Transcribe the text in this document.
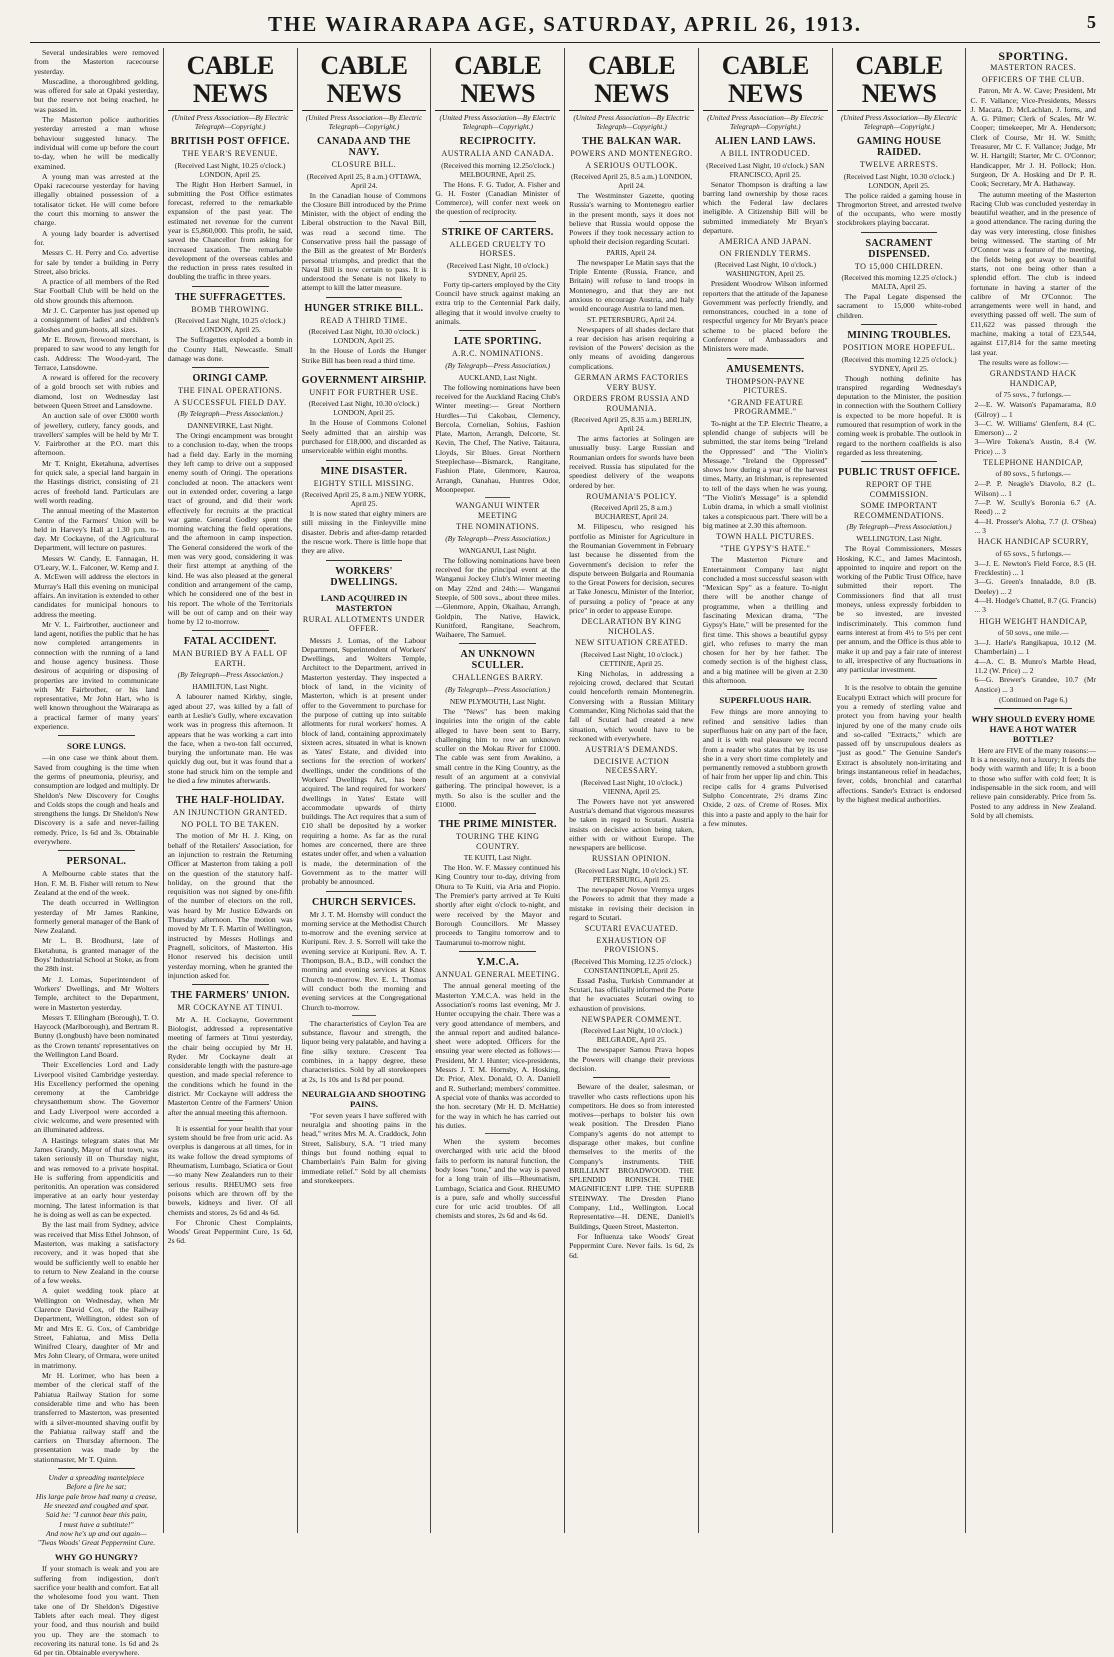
THE WAIRARAPA AGE, SATURDAY, APRIL 26, 1913.	5

Several undesirables were removed from the Masterton racecourse yesterday.

Muscadine, a thoroughbred gelding, was offered for sale at Opaki yesterday, but the reserve not being reached, he was passed in.

The Masterton police authorities yesterday arrested a man whose behaviour suggested lunacy. The individual will come up before the court to-day, when he will be medically examined.

A young man was arrested at the Opaki racecourse yesterday for having illegally obtained possession of a totalisator ticket. He will come before the court this morning to answer the charge.

A young lady boarder is advertised for.

Messrs C. H. Perry and Co. advertise for sale by tender a building in Perry Street, also bricks.

A practice of all members of the Red Star Football Club will be held on the old show grounds this afternoon.

Mr J. C. Carpenter has just opened up a consignment of ladies' and children's galoshes and gum-boots, all sizes.

Mr E. Brown, firewood merchant, is prepared to saw wood to any length for cash. Address: The Wood-yard, The Terrace, Lansdowne.

A reward is offered for the recovery of a gold brooch set with rubies and diamond, lost on Wednesday last between Queen Street and Lansdowne.

An auction sale of over £3000 worth of jewellery, cutlery, fancy goods, and travellers' samples will be held by Mr T. V. Fairbrother at the P.O. mart this afternoon.

Mr T. Knight, Eketahuna, advertises for quick sale, a special land bargain in the Hastings district, consisting of 21 acres of freehold land. Particulars are well worth reading.

The annual meeting of the Masterton Centre of the Farmers' Union will be held in Harvey's Hall at 1.30 p.m. to-day. Mr Cockayne, of the Agricultural Department, will lecture on pastures.

Messrs W. Candy, E. Fannagan, H. O'Leary, W. L. Falconer, W. Kemp and J. A. McEwen will address the electors in Murray's Hall this evening on municipal affairs. An invitation is extended to other candidates for municipal honours to address the meeting.

Mr V. L. Fairbrother, auctioneer and land agent, notifies the public that he has now completed arrangements in connection with the running of a land and house agency business. Those desirous of acquiring or disposing of properties are invited to communicate with Mr Fairbrother, or his land representative, Mr John Hart, who is well known throughout the Wairarapa as a practical farmer of many years' experience.

SORE LUNGS.

—in one case we think about them. Saved from coughing is the time when the germs of pneumonia, pleurisy, and consumption are lodged and multiply. Dr Sheldon's New Discovery for Coughs and Colds stops the cough and heals and strengthens the lungs. Dr Sheldon's New Discovery is a safe and never-failing remedy. Price, 1s 6d and 3s. Obtainable everywhere.

PERSONAL.

A Melbourne cable states that the Hon. F. M. B. Fisher will return to New Zealand at the end of the week.

The death occurred in Wellington yesterday of Mr James Rankine, formerly general manager of the Bank of New Zealand.

Mr L. B. Brodhurst, late of Eketahuna, is granted manager of the Boys' Industrial School at Stoke, as from the 28th inst.

Mr J. Lomas, Superintendent of Workers' Dwellings, and Mr Wolters Temple, architect to the Department, were in Masterton yesterday.

Messrs T. Ellingham (Borough), T. O. Haycock (Marlborough), and Bertram R. Bunny (Longbush) have been nominated as the Crown tenants' representatives on the Wellington Land Board.

Their Excellencies Lord and Lady Liverpool visited Cambridge yesterday. His Excellency performed the opening ceremony at the Cambridge chrysanthemum show. The Governor and Lady Liverpool were accorded a civic welcome, and were presented with an illuminated address.

A Hastings telegram states that Mr James Grandy, Mayor of that town, was taken seriously ill on Thursday night, and was removed to a private hospital. He is suffering from appendicitis and peritonitis. An operation was considered imperative at an early hour yesterday morning. The latest information is that he is doing as well as can be expected.

By the last mail from Sydney, advice was received that Miss Ethel Johnson, of Masterton, was making a satisfactory recovery, and it was hoped that she would be sufficiently well to enable her to return to New Zealand in the course of a few weeks.

A quiet wedding took place at Wellington on Wednesday, when Mr Clarence David Cox, of the Railway Department, Wellington, eldest son of Mr and Mrs E. G. Cox, of Cambridge Street, Fahiatua, and Miss Della Winifred Cleary, daughter of Mr and Mrs John Cleary, of Ormara, were united in matrimony.

Mr H. Lorimer, who has been a member of the clerical staff of the Pahiatua Railway Station for some considerable time and who has been transferred to Masterton, was presented with a silver-mounted shaving outfit by the Pahiatua railway staff and the carriers on Thursday afternoon. The presentation was made by the stationmaster, Mr T. Quinn.

Under a spreading mantelpiece
Before a fire he sat;
His large pale brow had many a crease,
He sneezed and coughed and spat.
Said he: "I cannot bear this pain,
I must have a subtitute!"
And now he's up and out again—
"Twas Woods' Great Peppermint Cure.
WHY GO HUNGRY?

If your stomach is weak and you are suffering from indigestion, don't sacrifice your health and comfort. Eat all the wholesome food you want. Then take one of Dr Sheldon's Digestive Tablets after each meal. They digest your food, and thus nourish and build you up. They are the stomach to recovering its natural tone. 1s 6d and 2s 6d per tin. Obtainable everywhere.

CABLE NEWS
(United Press Association—By Electric Telegraph—Copyright.)
BRITISH POST OFFICE.
THE YEAR'S REVENUE.
(Received Last Night, 10.25 o'clock.) LONDON, April 25.

The Right Hon Herbert Samuel, in submitting the Post Office estimates forecast, referred to the remarkable expansion of the past year. The estimated net revenue for the current year is £5,860,000. This profit, he said, saved the Chancellor from asking for increased taxation. The remarkable development of the overseas cables and the reduction in press rates resulted in doubling the traffic in three years.

THE SUFFRAGETTES.
BOMB THROWING.
(Received Last Night, 10.25 o'clock.) LONDON, April 25.

The Suffragettes exploded a bomb in the County Hall, Newcastle. Small damage was done.

ORINGI CAMP.
THE FINAL OPERATIONS.
A SUCCESSFUL FIELD DAY.
(By Telegraph—Press Association.)
DANNEVIRKE, Last Night.

The Oringi encampment was brought to a conclusion to-day, when the troops had a field day. Early in the morning they left camp to drive out a supposed enemy south of Oringi. The operations concluded at noon. The attackers went out in extended order, covering a large tract of ground, and did their work effectively for recruits at the practical war game. General Godley spent the morning watching the field operations, and the afternoon in camp inspection. The General considered the work of the men was very good, considering it was their first attempt at anything of the kind. He was also pleased at the general condition and arrangement of the camp, which he considered one of the best in his report. The whole of the Territorials will be out of camp and on their way home by 12 to-morrow.

FATAL ACCIDENT.
MAN BURIED BY A FALL OF EARTH.
(By Telegraph—Press Association.)
HAMILTON, Last Night.

A labourer named Kirkby, single, aged about 27, was killed by a fall of earth at Leslie's Gully, where excavation work was in progress this afternoon. It appears that he was working a cart into the face, when a two-ton fall occurred, burying the unfortunate man. He was quickly dug out, but it was found that a stone had struck him on the temple and he died a few minutes afterwards.

THE HALF-HOLIDAY.
AN INJUNCTION GRANTED.
NO POLL TO BE TAKEN.

The motion of Mr H. J. King, on behalf of the Retailers' Association, for an injunction to restrain the Returning Officer at Masterton from taking a poll on the question of the statutory half-holiday, on the ground that the requisition was not signed by one-fifth of the number of electors on the roll, was heard by Mr Justice Edwards on Thursday afternoon. The motion was moved by Mr T. F. Martin of Wellington, instructed by Messrs Hollings and Pragnell, solicitors, of Masterton. His Honor reserved his decision until yesterday morning, when he granted the injunction asked for.

THE FARMERS' UNION.
MR COCKAYNE AT TINUI.

Mr A. H. Cockayne, Government Biologist, addressed a representative meeting of farmers at Tinui yesterday, the chair being occupied by Mr H. Ryder. Mr Cockayne dealt at considerable length with the pasture-age question, and made special reference to the conditions which he found in the district. Mr Cockayne will address the Masterton Centre of the Farmers' Union after the annual meeting this afternoon.

It is essential for your health that your system should be free from uric acid. As overplus is dangerous at all times, for in its wake follow the dread symptoms of Rheumatism, Lumbago, Sciatica or Gout—so many New Zealanders run to their serious results. RHEUMO sets free poisons which are thrown off by the bowels, kidneys and liver. Of all chemists and stores, 2s 6d and 4s 6d.

For Chronic Chest Complaints, Woods' Great Peppermint Cure, 1s 6d, 2s 6d.

CABLE NEWS
(United Press Association—By Electric Telegraph—Copyright.)
CANADA AND THE NAVY.
CLOSURE BILL.
(Received April 25, 8 a.m.) OTTAWA, April 24.

In the Canadian house of Commons the Closure Bill introduced by the Prime Minister, with the object of ending the Liberal obstruction to the Naval Bill, was read a second time. The Conservative press hail the passage of the Bill as the greatest of Mr Borden's personal triumphs, and predict that the Naval Bill is now certain to pass. It is understood the Senate is not likely to attempt to kill the latter measure.

HUNGER STRIKE BILL.
READ A THIRD TIME.
(Received Last Night, 10.30 o'clock.) LONDON, April 25.

In the House of Lords the Hunger Strike Bill has been read a third time.

GOVERNMENT AIRSHIP.
UNFIT FOR FURTHER USE.
(Received Last Night, 10.30 o'clock.) LONDON, April 25.

In the House of Commons Colonel Seely admitted that an airship was purchased for £18,000, and discarded as unserviceable within eight months.

MINE DISASTER.
EIGHTY STILL MISSING.
(Received April 25, 8 a.m.) NEW YORK, April 25.

It is now stated that eighty miners are still missing in the Finleyville mine disaster. Debris and after-damp retarded the rescue work. There is little hope that they are alive.

WORKERS' DWELLINGS.
LAND ACQUIRED IN MASTERTON
RURAL ALLOTMENTS UNDER OFFER.

Messrs J. Lomas, of the Labour Department, Superintendent of Workers' Dwellings, and Wolters Temple, Architect to the Department, arrived in Masterton yesterday. They inspected a block of land, in the vicinity of Masterton, which is at present under offer to the Government to purchase for the purpose of cutting up into suitable allotments for rural workers' homes. A block of land, containing approximately sixteen acres, situated in what is known as Yates' Estate, and divided into sections for the erection of workers' dwellings, under the conditions of the Workers' Dwellings Act, has been acquired. The land required for workers' dwellings in Yates' Estate will accommodate upwards of thirty buildings. The Act requires that a sum of £10 shall be deposited by a worker requiring a home. As far as the rural homes are concerned, there are three estates under offer, and when a valuation is made, the determination of the Government as to the matter will probably be announced.

CHURCH SERVICES.

Mr J. T. M. Hornsby will conduct the morning service at the Methodist Church to-morrow and the evening service at Kuripuni. Rev. J. S. Sorrell will take the evening service at Kuripuni. Rev. A. T. Thompson, B.A., B.D., will conduct the morning and evening services at Knox Church to-morrow. Rev. E. L. Thomas will conduct both the morning and evening services at the Congregational Church to-morrow.

The characteristics of Ceylon Tea are substance, flavour and strength, the liquor being very palatable, and having a fine silky texture. Crescent Tea combines, in a happy degree, these characteristics. Sold by all storekeepers at 2s, 1s 10s and 1s 8d per pound.

NEURALGIA AND SHOOTING PAINS.

"For seven years I have suffered with neuralgia and shooting pains in the head," writes Mrs M. A. Craddock, John Street, Salisbury, S.A. "I tried many things but found nothing equal to Chamberlain's Pain Balm for giving immediate relief." Sold by all chemists and storekeepers.

CABLE NEWS
(United Press Association—By Electric Telegraph—Copyright.)
RECIPROCITY.
AUSTRALIA AND CANADA.
(Received this morning 12.25o'clock.) MELBOURNE, April 25.

The Hons. F. G. Tudor, A. Fisher and G. H. Foster (Canadian Minister of Commerce), will confer next week on the question of reciprocity.

STRIKE OF CARTERS.
ALLEGED CRUELTY TO HORSES.
(Received Last Night, 10 o'clock.) SYDNEY, April 25.

Forty tip-carters employed by the City Council have struck against making an extra trip to the Centennial Park daily, alleging that it would involve cruelty to animals.

LATE SPORTING.
A.R.C. NOMINATIONS.
(By Telegraph—Press Association.)
AUCKLAND, Last Night.

The following nominations have been received for the Auckland Racing Club's Winter meeting:— Great Northern Hurdles—Tui Cakobau, Clemency, Bercola, Cornelian, Sohius, Fashion Plate, Marton, Arrangh, Delcorte, St. Kevin, The Chef, The Native, Taitaura, Lloyds, Sir Blues. Great Northern Steeplechase—Bismarck, Rangitane, Fashion Plate, Glenmore, Kauroa, Arrangh, Oanahau, Huntres Odor, Moonpeeper.

WANGANUI WINTER MEETING
THE NOMINATIONS.
(By Telegraph—Press Association.)
WANGANUI, Last Night.

The following nominations have been received for the principal event at the Wanganui Jockey Club's Winter meeting on May 22nd and 24th:— Wanganui Steeple, of 500 sovs., about three miles.—Glenmore, Appin, Okaihau, Arrangh, Goldpin, The Native, Hawick, Kunitford, Rangitane, Seachrom, Waihaere, The Samuel.

AN UNKNOWN SCULLER.
CHALLENGES BARRY.
(By Telegraph—Press Association.)
NEW PLYMOUTH, Last Night.

The "News" has been making inquiries into the origin of the cable alleged to have been sent to Barry, challenging him to row an unknown sculler on the Mokau River for £1000. The cable was sent from Awakino, a small centre in the King Country, as the result of an argument at a convivial gathering. The principal however, is a myth. So also is the sculler and the £1000.

THE PRIME MINISTER.
TOURING THE KING COUNTRY.
TE KUITI, Last Night.

The Hon. W. F. Massey continued his King Country tour to-day, driving from Ohura to Te Kuiti, via Aria and Piopio. The Premier's party arrived at Te Kuiti shortly after eight o'clock to-night, and were received by the Mayor and Borough Councillors. Mr Massey proceeds to Tangitu tomorrow and to Taumarunui to-morrow night.

Y.M.C.A.
ANNUAL GENERAL MEETING.

The annual general meeting of the Masterton Y.M.C.A. was held in the Association's rooms last evening, Mr J. Hunter occupying the chair. There was a very good attendance of members, and the annual report and audited balance-sheet were adopted. Officers for the ensuing year were elected as follows:—President, Mr J. Hunter; vice-presidents, Messrs J. T. M. Hornsby, A. Hosking, Dr. Prior, Alex. Donald, O. A. Daniell and R. Sutherland; members' committee. A special vote of thanks was accorded to the hon. secretary (Mr H. D. McHattie) for the way in which he has carried out his duties.

When the system becomes overcharged with uric acid the blood fails to perform its natural function, the body loses "tone," and the way is paved for a long train of ills—Rheumatism, Lumbago, Sciatica and Gout. RHEUMO is a pure, safe and wholly successful cure for uric acid troubles. Of all chemists and stores, 2s 6d and 4s 6d.

CABLE NEWS
(United Press Association—By Electric Telegraph—Copyright.)
THE BALKAN WAR.
POWERS AND MONTENEGRO.
A SERIOUS OUTLOOK.
(Received April 25, 8.5 a.m.) LONDON, April 24.

The Westminster Gazette, quoting Russia's warning to Montenegro earlier in the present month, says it does not believe that Russia would oppose the Powers if they took necessary action to uphold their decision regarding Scutari.

PARIS, April 24.

The newspaper Le Matin says that the Triple Entente (Russia, France, and Britain) will refuse to land troops in Montenegro, and that they are not anxious to encourage Austria, and Italy would encourage Austria to land men.

ST. PETERSBURG, April 24.

Newspapers of all shades declare that a rear decision has arisen requiring a revision of the Powers' decision as the only means of avoiding dangerous complications.

GERMAN ARMS FACTORIES VERY BUSY.
ORDERS FROM RUSSIA AND ROUMANIA.
(Received April 25, 8.35 a.m.) BERLIN, April 24.

The arms factories at Solingen are unusually busy. Large Russian and Roumanian orders for swords have been received. Russia has stipulated for the speediest delivery of the weapons ordered by her.

ROUMANIA'S POLICY.
(Received April 25, 8 a.m.) BUCHAREST, April 24.

M. Filipescu, who resigned his portfolio as Minister for Agriculture in the Roumanian Government in February last because he dissented from the Government's decision to refer the dispute between Bulgaria and Roumania to the Great Powers for decision, secures at Take Jonescu, Minister of the Interior, of pursuing a policy of "peace at any price" in order to appease Europe.

DECLARATION BY KING NICHOLAS.
NEW SITUATION CREATED.
(Received Last Night, 10 o'clock.) CETTINJE, April 25.

King Nicholas, in addressing a rejoicing crowd, declared that Scutari could henceforth remain Montenegrin. Conversing with a Russian Military Commander, King Nicholas said that the fall of Scutari had created a new situation, which would have to be reckoned with everywhere.

AUSTRIA'S DEMANDS.
DECISIVE ACTION NECESSARY.
(Received Last Night, 10 o'clock.) VIENNA, April 25.

The Powers have not yet answered Austria's demand that vigorous measures be taken in regard to Scutari. Austria insists on decisive action being taken, either with or without Europe. The newspapers are bellicose.

RUSSIAN OPINION.
(Received Last Night, 10 o'clock.) ST. PETERSBURG, April 25.

The newspaper Novoe Vremya urges the Powers to admit that they made a mistake in revising their decision in regard to Scutari.

SCUTARI EVACUATED.
EXHAUSTION OF PROVISIONS.
(Received This Morning, 12.25 o'clock.) CONSTANTINOPLE, April 25.

Essad Pasha, Turkish Commander at Scutari, has officially informed the Porte that he evacuates Scutari owing to exhaustion of provisions.

NEWSPAPER COMMENT.
(Received Last Night, 10 o'clock.) BELGRADE, April 25.

The newspaper Samou Prava hopes the Powers will change their previous decision.

Beware of the dealer, salesman, or traveller who casts reflections upon his competitors. He does so from interested motives—perhaps to bolster his own weak position. The Dresden Piano Company's agents do not attempt to disparage other makes, but confine themselves to the merits of the Company's instruments. THE BRILLIANT BROADWOOD. THE SPLENDID RONISCH. THE MAGNIFICENT LIPP. THE SUPERB STEINWAY. The Dresden Piano Company, Ltd., Wellington. Local Representative—H. DENE, Daniell's Buildings, Queen Street, Masterton.

For Influenza take Woods' Great Peppermint Cure. Never fails. 1s 6d, 2s 6d.

CABLE NEWS
(United Press Association—By Electric Telegraph—Copyright.)
ALIEN LAND LAWS.
A BILL INTRODUCED.
(Received Last Night, 10 o'clock.) SAN FRANCISCO, April 25.

Senator Thompson is drafting a law barring land ownership by those races which the Federal law declares ineligible. A Citizenship Bill will be submitted immediately Mr Bryan's departure.

AMERICA AND JAPAN.
ON FRIENDLY TERMS.
(Received Last Night, 10 o'clock.) WASHINGTON, April 25.

President Woodrow Wilson informed reporters that the attitude of the Japanese Government was perfectly friendly, and remonstrances, couched in a tone of respectful urgency for Mr Bryan's peace scheme to be placed before the Conference of Ambassadors and Ministers were made.

AMUSEMENTS.
THOMPSON-PAYNE PICTURES.
"GRAND FEATURE PROGRAMME."

To-night at the T.P. Electric Theatre, a splendid change of subjects will be submitted, the star items being "Ireland the Oppressed" and "The Violin's Message." "Ireland the Oppressed" shows how during a year of the harvest times, Marty, an Irishman, is represented to tell of the days when he was young. "The Violin's Message" is a splendid Lubin drama, in which a small violinist takes a conspicuous part. There will be a big matinee at 2.30 this afternoon.

TOWN HALL PICTURES.
"THE GYPSY'S HATE."

The Masterton Picture and Entertainment Company last night concluded a most successful season with "Mexican Spy" as a feature. To-night there will be another change of programme, when a thrilling and fascinating Mexican drama, "The Gypsy's Hate," will be presented for the first time. This shows a beautiful gypsy girl, who refuses to marry the man chosen for her by her father. The comedy section is of the highest class, and a big matinee will be given at 2.30 this afternoon.

SUPERFLUOUS HAIR.

Few things are more annoying to refined and sensitive ladies than superfluous hair on any part of the face, and it is with real pleasure we record from a reader who states that by its use she in a very short time completely and permanently removed a stubborn growth of hair from her upper lip and chin. This recipe calls for 4 grams Pulverised Sulpho Concentrate, 2½ drams Zinc Oxide, 2 ozs. of Creme of Roses. Mix this into a paste and apply to the hair for a few minutes.

CABLE NEWS
(United Press Association—By Electric Telegraph—Copyright.)
GAMING HOUSE RAIDED.
TWELVE ARRESTS.
(Received Last Night, 10.30 o'clock.) LONDON, April 25.

The police raided a gaming house in Throgmorton Street, and arrested twelve of the occupants, who were mostly stockbrokers playing baccarat.

SACRAMENT DISPENSED.
TO 15,000 CHILDREN.
(Received this morning 12.25 o'clock.) MALTA, April 25.

The Papal Legate dispensed the sacrament to 15,000 white-robed children.

MINING TROUBLES.
POSITION MORE HOPEFUL.
(Received this morning 12.25 o'clock.) SYDNEY, April 25.

Though nothing definite has transpired regarding Wednesday's deputation to the Minister, the position in connection with the Southern Colliery is expected to be more hopeful. It is rumoured that resumption of work in the coming week is probable. The outlook in regard to the northern coalfields is also regarded as less threatening.

PUBLIC TRUST OFFICE.
REPORT OF THE COMMISSION.
SOME IMPORTANT RECOMMENDATIONS.
(By Telegraph—Press Association.)
WELLINGTON, Last Night.

The Royal Commissioners, Messrs Hosking, K.C., and James Macintosh, appointed to inquire and report on the working of the Public Trust Office, have submitted their report. The Commissioners find that all trust moneys, unless expressly forbidden to be so invested, are invested indiscriminately. This common fund earns interest at from 4½ to 5½ per cent per annum, and the Office is thus able to make it up and pay a fair rate of interest to all, irrespective of any fluctuations in any particular investment.

It is the resolve to obtain the genuine Eucalypti Extract which will procure for you a remedy of sterling value and protect you from having your health injured by one of the many crude oils and so-called "Extracts," which are passed off by unscrupulous dealers as "just as good." The Genuine Sander's Extract is absolutely non-irritating and brings instantaneous relief in headaches, fever, colds, bronchial and catarrhal affections. Sander's Extract is endorsed by the highest medical authorities.

SPORTING.
MASTERTON RACES.
OFFICERS OF THE CLUB.

Patron, Mr A. W. Cave; President, Mr C. F. Vallance; Vice-Presidents, Messrs J. Macara, D. McLachlan, J. Iorns, and A. G. Pilmer; Clerk of Scales, Mr W. Cooper; timekeeper, Mr A. Henderson; Clerk of Course, Mr H. W. Smith; Treasurer, Mr C. F. Vallance; Judge, Mr W. H. Hartgill; Starter, Mr C. O'Connor; Handicapper, Mr J. H. Pollock; Hon. Surgeon, Dr A. Hosking and Dr P. R. Cook; Secretary, Mr A. Hathaway.

The autumn meeting of the Masterton Racing Club was concluded yesterday in beautiful weather, and in the presence of a good attendance. The racing during the day was very interesting, close finishes being witnessed. The starting of Mr O'Connor was a feature of the meeting, the fields being got away to beautiful starts, not one being other than a splendid effort. The club is indeed fortunate in having a starter of the calibre of Mr O'Connor. The arrangements were well in hand, and everything passed off well. The sum of £11,622 was passed through the machine, making a total of £23,544, against £17,814 for the same meeting last year.

The results were as follow:—

GRANDSTAND HACK HANDICAP,
of 75 sovs., 7 furlongs.—
2—E. W. Watson's Papamarama, 8.0 (Gilroy) ... 1
3—C. W. Williams' Glenfern, 8.4 (C. Emerson) ... 2
3—Wire Tokena's Austin, 8.4 (W. Price) ... 3
TELEPHONE HANDICAP,
of 80 sovs., 5 furlongs.—
2—P. P. Neagle's Diavolo, 8.2 (L. Wilson) ... 1
7—P. W. Scully's Boronia 6.7 (A. Reed) ... 2
4—H. Prosser's Aloha, 7.7 (J. O'Shea) ... 3
HACK HANDICAP SCURRY,
of 65 sovs., 5 furlongs.—
3—J. E. Newton's Field Force, 8.5 (H. Frecklestin) ... 1
3—G. Green's Innaladde, 8.0 (B. Deeley) ... 2
4—H. Hodge's Chattel, 8.7 (G. Francis) ... 3
HIGH WEIGHT HANDICAP,
of 50 sovs., one mile.—
3—J. Harle's Rangikapua, 10.12 (M. Chamberlain) ... 1
4—A. C. B. Munro's Marble Head, 11.2 (W. Price) ... 2
6—G. Brewer's Grandee, 10.7 (Mr Anstice) ... 3
(Continued on Page 6.)
WHY SHOULD EVERY HOME HAVE A HOT WATER BOTTLE?

Here are FIVE of the many reasons:—It is a necessity, not a luxury; It feeds the body with warmth and life; It is a boon to those who suffer with cold feet; It is indispensable in the sick room, and will relieve pain considerably. Price from 5s. Posted to any address in New Zealand. Sold by all chemists.
